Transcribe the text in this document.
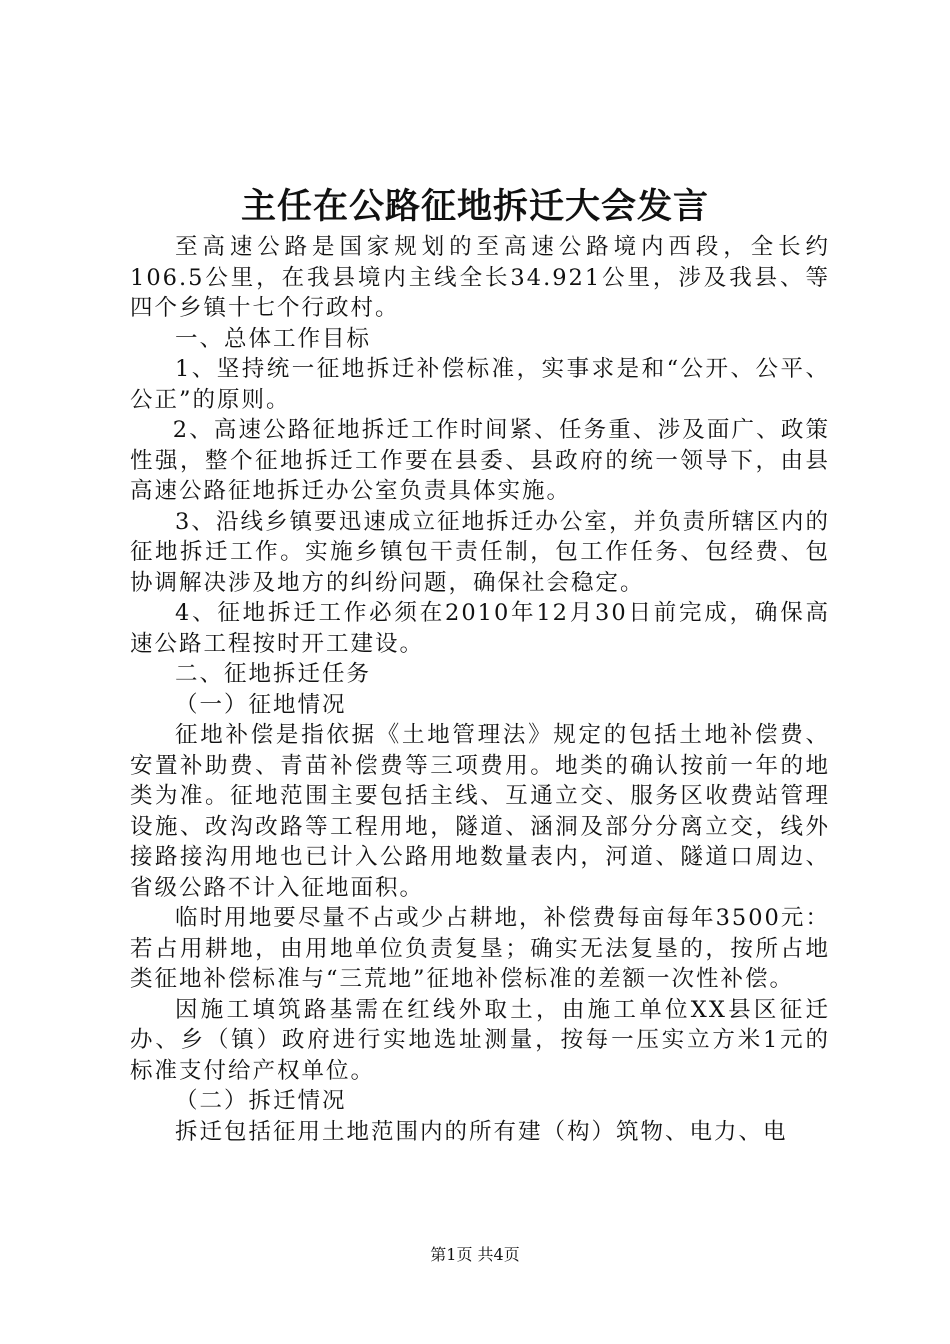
主任在公路征地拆迁大会发言

至高速公路是国家规划的至高速公路境内西段，全长约106.5公里，在我县境内主线全长34.921公里，涉及我县、等四个乡镇十七个行政村。

一、总体工作目标

1、坚持统一征地拆迁补偿标准，实事求是和“公开、公平、公正”的原则。

2、高速公路征地拆迁工作时间紧、任务重、涉及面广、政策性强，整个征地拆迁工作要在县委、县政府的统一领导下，由县高速公路征地拆迁办公室负责具体实施。

3、沿线乡镇要迅速成立征地拆迁办公室，并负责所辖区内的征地拆迁工作。实施乡镇包干责任制，包工作任务、包经费、包协调解决涉及地方的纠纷问题，确保社会稳定。

4、征地拆迁工作必须在2010年12月30日前完成，确保高速公路工程按时开工建设。

二、征地拆迁任务

（一）征地情况

征地补偿是指依据《土地管理法》规定的包括土地补偿费、安置补助费、青苗补偿费等三项费用。地类的确认按前一年的地类为准。征地范围主要包括主线、互通立交、服务区收费站管理设施、改沟改路等工程用地，隧道、涵洞及部分分离立交，线外接路接沟用地也已计入公路用地数量表内，河道、隧道口周边、省级公路不计入征地面积。

临时用地要尽量不占或少占耕地，补偿费每亩每年3500元：若占用耕地，由用地单位负责复垦；确实无法复垦的，按所占地类征地补偿标准与“三荒地”征地补偿标准的差额一次性补偿。

因施工填筑路基需在红线外取土，由施工单位XX县区征迁办、乡（镇）政府进行实地选址测量，按每一压实立方米1元的标准支付给产权单位。

（二）拆迁情况

拆迁包括征用土地范围内的所有建（构）筑物、电力、电

第1页 共4页
